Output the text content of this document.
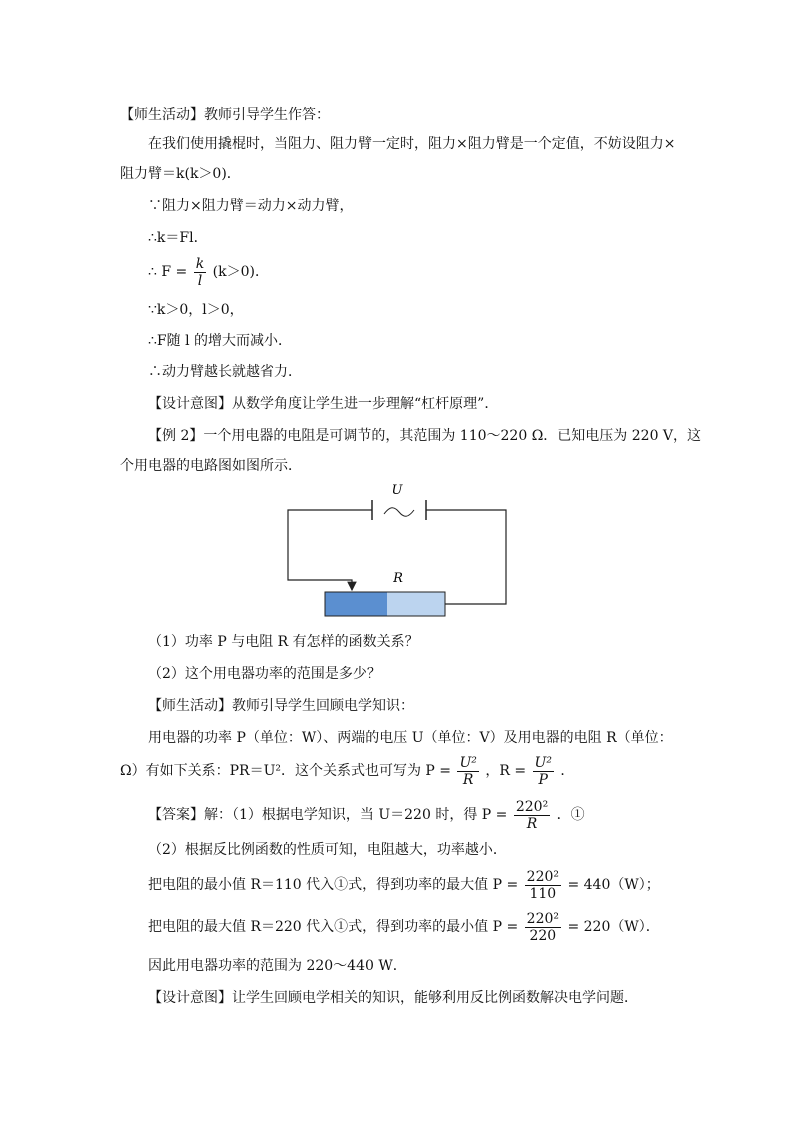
【师生活动】教师引导学生作答：
在我们使用撬棍时，当阻力、阻力臂一定时，阻力×阻力臂是一个定值，不妨设阻力×
阻力臂＝k(k＞0)．
∵阻力×阻力臂＝动力×动力臂，
∴k＝Fl．
∴ $F = \frac{k}{l} (k>0)$．
∵k＞0，l＞0，
∴F随 l 的增大而减小．
∴动力臂越长就越省力．
【设计意图】从数学角度让学生进一步理解“杠杆原理”．
【例 2】一个用电器的电阻是可调节的，其范围为 110～220 Ω．已知电压为 220 V，这
个用电器的电路图如图所示．
U
R
（1）功率 P 与电阻 R 有怎样的函数关系？
（2）这个用电器功率的范围是多少？
【师生活动】教师引导学生回顾电学知识：
用电器的功率 P（单位：W）、两端的电压 U（单位：V）及用电器的电阻 R（单位：
Ω）有如下关系：PR＝U²．这个关系式也可写为 $P = \frac{\text{U²}}{R}$ ，$R = \frac{\text{U²}}{P}$ ．
【答案】解：（1）根据电学知识，当 U＝220 时，得 $P = \frac{\text{220²}}{R}$ ．①
（2）根据反比例函数的性质可知，电阻越大，功率越小．
把电阻的最小值 R＝110 代入①式，得到功率的最大值 $P = \frac{\text{220²}}{110} = 440(W)$；
把电阻的最大值 R＝220 代入①式，得到功率的最小值 $P = \frac{\text{220²}}{220} = 220(W)$．
因此用电器功率的范围为 220～440 W．
【设计意图】让学生回顾电学相关的知识，能够利用反比例函数解决电学问题．
